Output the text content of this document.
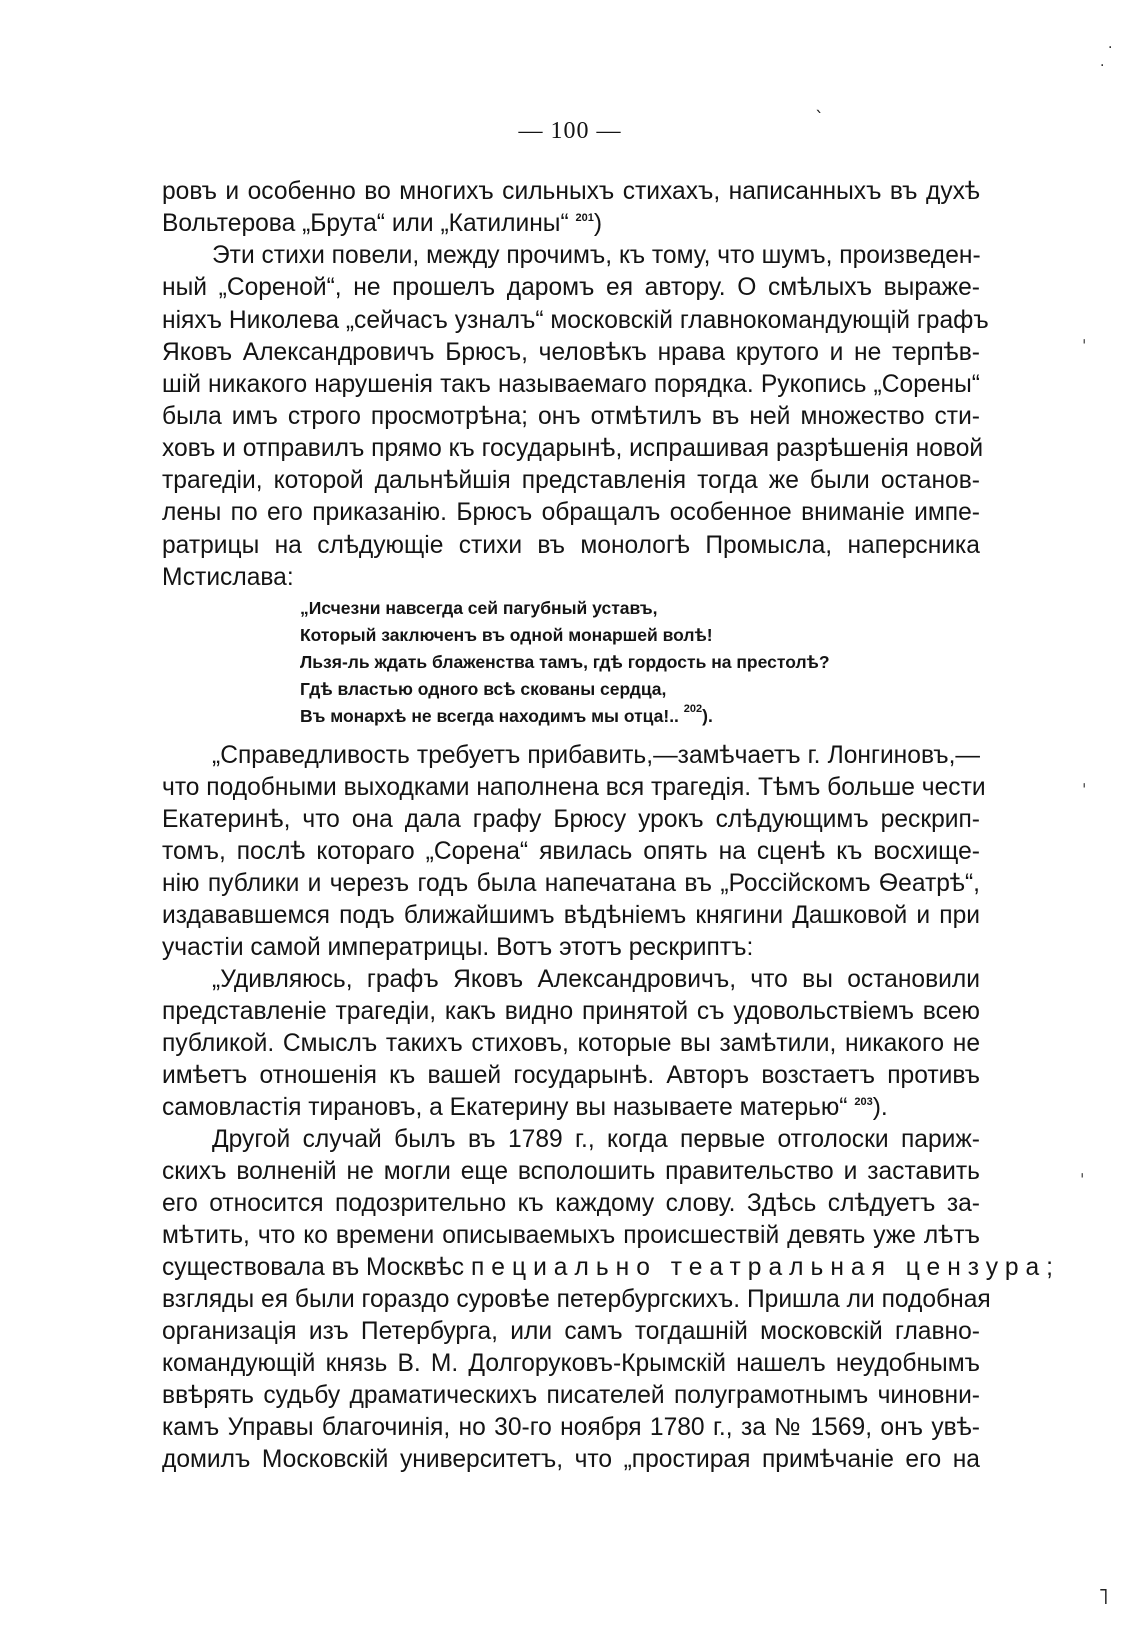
·
·
ˋ
ˌ
ˌ
ˌ
˥
— 100 —
ровъ и особенно во многихъ сильныхъ стихахъ, написанныхъ въ духѣ
Вольтерова „Брута“ или „Катилины“ $^{201}$)
Эти стихи повели, между прочимъ, къ тому, что шумъ, произведен-
ный „Сореной“, не прошелъ даромъ ея автору. О смѣлыхъ выраже-
ніяхъ Николева „сейчасъ узналъ“ московскій главнокомандующій графъ
Яковъ Александровичъ Брюсъ, человѣкъ нрава крутого и не терпѣв-
шій никакого нарушенія такъ называемаго порядка. Рукопись „Сорены“
была имъ строго просмотрѣна; онъ отмѣтилъ въ ней множество сти-
ховъ и отправилъ прямо къ государынѣ, испрашивая разрѣшенія новой
трагедіи, которой дальнѣйшія представленія тогда же были останов-
лены по его приказанію. Брюсъ обращалъ особенное вниманіе импе-
ратрицы на слѣдующіе стихи въ монологѣ Промысла, наперсника
Мстислава:
„Исчезни навсегда сей пагубный уставъ,
Который заключенъ въ одной монаршей волѣ!
Льзя-ль ждать блаженства тамъ, гдѣ гордость на престолѣ?
Гдѣ властью одного всѣ скованы сердца,
Въ монархѣ не всегда находимъ мы отца!.. $^{202}$).
„Справедливость требуетъ прибавить,—замѣчаетъ г. Лонгиновъ,—
что подобными выходками наполнена вся трагедія. Тѣмъ больше чести
Екатеринѣ, что она дала графу Брюсу урокъ слѣдующимъ рескрип-
томъ, послѣ котораго „Сорена“ явилась опять на сценѣ къ восхище-
нію публики и черезъ годъ была напечатана въ „Россійскомъ Ѳеатрѣ“,
издававшемся подъ ближайшимъ вѣдѣніемъ княгини Дашковой и при
участіи самой императрицы. Вотъ этотъ рескриптъ:
„Удивляюсь, графъ Яковъ Александровичъ, что вы остановили
представленіе трагедіи, какъ видно принятой съ удовольствіемъ всею
публикой. Смыслъ такихъ стиховъ, которые вы замѣтили, никакого не
имѣетъ отношенія къ вашей государынѣ. Авторъ возстаетъ противъ
самовластія тирановъ, а Екатерину вы называете матерью“ $^{203}$).
Другой случай былъ въ 1789 г., когда первые отголоски париж-
скихъ волненій не могли еще всполошить правительство и заставить
его относится подозрительно къ каждому слову. Здѣсь слѣдуетъ за-
мѣтить, что ко времени описываемыхъ происшествій девять уже лѣтъ
существовала въ Москвѣ специально театральная цензура;
взгляды ея были гораздо суровѣе петербургскихъ. Пришла ли подобная
организація изъ Петербурга, или самъ тогдашній московскій главно-
командующій князь В. М. Долгоруковъ-Крымскій нашелъ неудобнымъ
ввѣрять судьбу драматическихъ писателей полуграмотнымъ чиновни-
камъ Управы благочинія, но 30-го ноября 1780 г., за № 1569, онъ увѣ-
домилъ Московскій университетъ, что „простирая примѣчаніе его на
